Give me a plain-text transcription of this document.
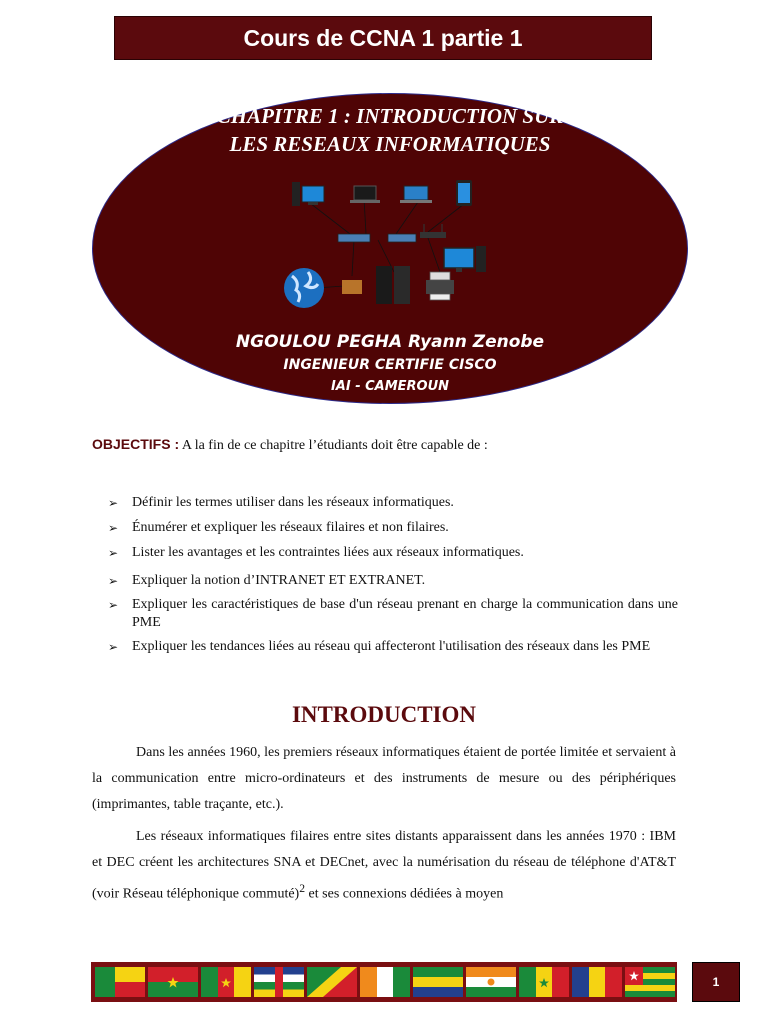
Cours de CCNA 1 partie 1
CHAPITRE 1 : INTRODUCTION SUR
LES RESEAUX INFORMATIQUES
NGOULOU PEGHA Ryann Zenobe
INGENIEUR CERTIFIE CISCO
IAI - CAMEROUN
OBJECTIFS : A la fin de ce chapitre l’étudiants doit être capable de :
➢ Définir les termes utiliser dans les réseaux informatiques.
➢ Énumérer et expliquer les réseaux filaires et non filaires.
➢ Lister les avantages et les contraintes liées aux réseaux informatiques.
➢ Expliquer la notion d’INTRANET ET EXTRANET.
➢ Expliquer les caractéristiques de base d'un réseau prenant en charge la communication dans une PME
➢ Expliquer les tendances liées au réseau qui affecteront l'utilisation des réseaux dans les PME
INTRODUCTION

Dans les années 1960, les premiers réseaux informatiques étaient de portée limitée et servaient à la communication entre micro-ordinateurs et des instruments de mesure ou des périphériques (imprimantes, table traçante, etc.).

Les réseaux informatiques filaires entre sites distants apparaissent dans les années 1970 : IBM et DEC créent les architectures SNA et DECnet, avec la numérisation du réseau de téléphone d'AT&T (voir Réseau téléphonique commuté)$^2$ et ses connexions dédiées à moyen

1
